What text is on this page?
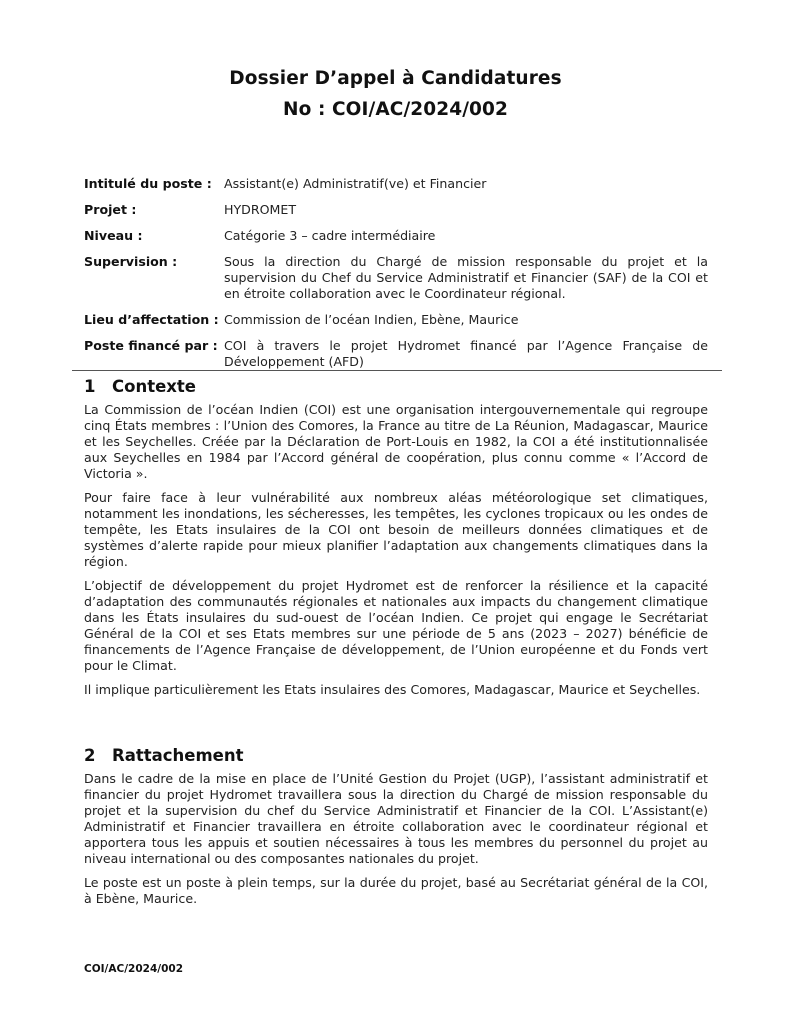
Dossier D’appel à Candidatures
No : COI/AC/2024/002
Intitulé du poste : Assistant(e) Administratif(ve) et Financier
Projet :	HYDROMET
Niveau :	Catégorie 3 – cadre intermédiaire
Supervision :	Sous la direction du Chargé de mission responsable du projet et la supervision du Chef du Service Administratif et Financier (SAF) de la COI et en étroite collaboration avec le Coordinateur régional.
Lieu d’affectation : Commission de l’océan Indien, Ebène, Maurice
Poste financé par : COI à travers le projet Hydromet financé par l’Agence Française de Développement (AFD)
1	Contexte

La Commission de l’océan Indien (COI) est une organisation intergouvernementale qui regroupe cinq États membres : l’Union des Comores, la France au titre de La Réunion, Madagascar, Maurice et les Seychelles. Créée par la Déclaration de Port-Louis en 1982, la COI a été institutionnalisée aux Seychelles en 1984 par l’Accord général de coopération, plus connu comme « l’Accord de Victoria ».

Pour faire face à leur vulnérabilité aux nombreux aléas météorologique set climatiques, notamment les inondations, les sécheresses, les tempêtes, les cyclones tropicaux ou les ondes de tempête, les Etats insulaires de la COI ont besoin de meilleurs données climatiques et de systèmes d’alerte rapide pour mieux planifier l’adaptation aux changements climatiques dans la région.

L’objectif de développement du projet Hydromet est de renforcer la résilience et la capacité d’adaptation des communautés régionales et nationales aux impacts du changement climatique dans les États insulaires du sud-ouest de l’océan Indien. Ce projet qui engage le Secrétariat Général de la COI et ses Etats membres sur une période de 5 ans (2023 – 2027) bénéficie de financements de l’Agence Française de développement, de l’Union européenne et du Fonds vert pour le Climat.

Il implique particulièrement les Etats insulaires des Comores, Madagascar, Maurice et Seychelles.

2	Rattachement

Dans le cadre de la mise en place de l’Unité Gestion du Projet (UGP), l’assistant administratif et financier du projet Hydromet travaillera sous la direction du Chargé de mission responsable du projet et la supervision du chef du Service Administratif et Financier de la COI. L’Assistant(e) Administratif et Financier travaillera en étroite collaboration avec le coordinateur régional et apportera tous les appuis et soutien nécessaires à tous les membres du personnel du projet au niveau international ou des composantes nationales du projet.

Le poste est un poste à plein temps, sur la durée du projet, basé au Secrétariat général de la COI, à Ebène, Maurice.

COI/AC/2024/002
